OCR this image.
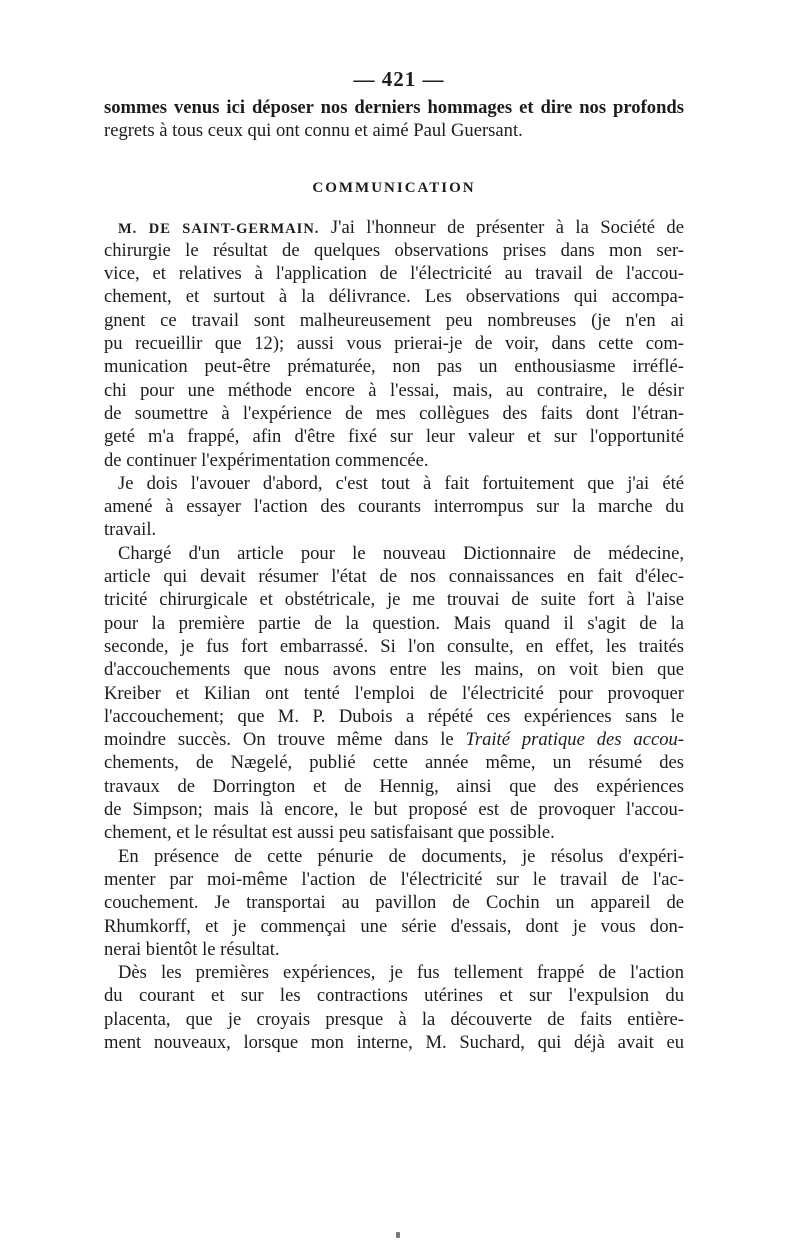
— 421 —
sommes venus ici déposer nos derniers hommages et dire nos profonds
regrets à tous ceux qui ont connu et aimé Paul Guersant.
COMMUNICATION
M. DE SAINT-GERMAIN. J'ai l'honneur de présenter à la Société de
chirurgie le résultat de quelques observations prises dans mon ser-
vice, et relatives à l'application de l'électricité au travail de l'accou-
chement, et surtout à la délivrance. Les observations qui accompa-
gnent ce travail sont malheureusement peu nombreuses (je n'en ai
pu recueillir que 12); aussi vous prierai-je de voir, dans cette com-
munication peut-être prématurée, non pas un enthousiasme irréflé-
chi pour une méthode encore à l'essai, mais, au contraire, le désir
de soumettre à l'expérience de mes collègues des faits dont l'étran-
geté m'a frappé, afin d'être fixé sur leur valeur et sur l'opportunité
de continuer l'expérimentation commencée.
Je dois l'avouer d'abord, c'est tout à fait fortuitement que j'ai été
amené à essayer l'action des courants interrompus sur la marche du
travail.
Chargé d'un article pour le nouveau Dictionnaire de médecine,
article qui devait résumer l'état de nos connaissances en fait d'élec-
tricité chirurgicale et obstétricale, je me trouvai de suite fort à l'aise
pour la première partie de la question. Mais quand il s'agit de la
seconde, je fus fort embarrassé. Si l'on consulte, en effet, les traités
d'accouchements que nous avons entre les mains, on voit bien que
Kreiber et Kilian ont tenté l'emploi de l'électricité pour provoquer
l'accouchement; que M. P. Dubois a répété ces expériences sans le
moindre succès. On trouve même dans le Traité pratique des accou-
chements, de Nægelé, publié cette année même, un résumé des
travaux de Dorrington et de Hennig, ainsi que des expériences
de Simpson; mais là encore, le but proposé est de provoquer l'accou-
chement, et le résultat est aussi peu satisfaisant que possible.
En présence de cette pénurie de documents, je résolus d'expéri-
menter par moi-même l'action de l'électricité sur le travail de l'ac-
couchement. Je transportai au pavillon de Cochin un appareil de
Rhumkorff, et je commençai une série d'essais, dont je vous don-
nerai bientôt le résultat.
Dès les premières expériences, je fus tellement frappé de l'action
du courant et sur les contractions utérines et sur l'expulsion du
placenta, que je croyais presque à la découverte de faits entière-
ment nouveaux, lorsque mon interne, M. Suchard, qui déjà avait eu
